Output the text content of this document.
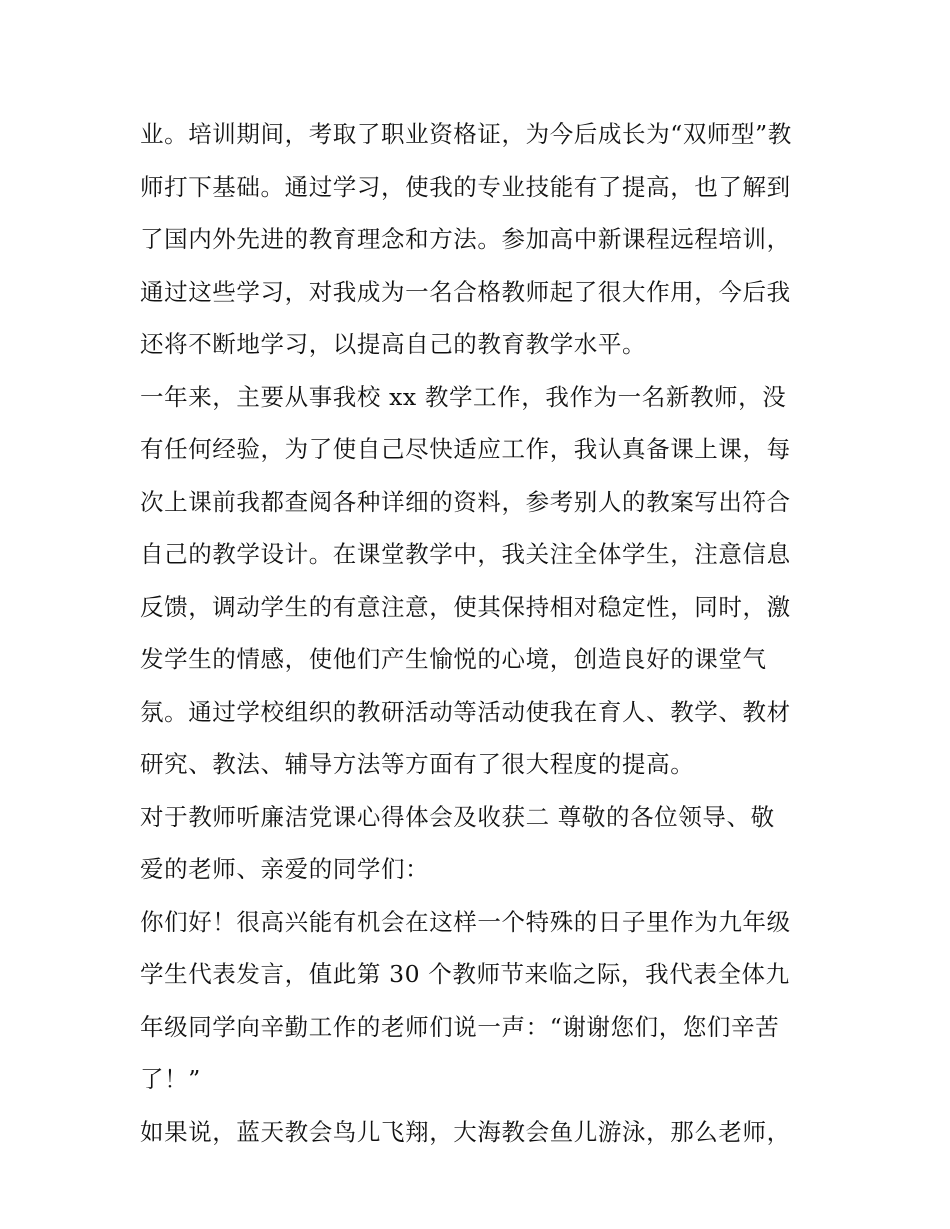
业。培训期间，考取了职业资格证，为今后成长为“双师型”教
师打下基础。通过学习，使我的专业技能有了提高，也了解到
了国内外先进的教育理念和方法。参加高中新课程远程培训，
通过这些学习，对我成为一名合格教师起了很大作用，今后我
还将不断地学习，以提高自己的教育教学水平。
一年来，主要从事我校 xx 教学工作，我作为一名新教师，没
有任何经验，为了使自己尽快适应工作，我认真备课上课，每
次上课前我都查阅各种详细的资料，参考别人的教案写出符合
自己的教学设计。在课堂教学中，我关注全体学生，注意信息
反馈，调动学生的有意注意，使其保持相对稳定性，同时，激
发学生的情感，使他们产生愉悦的心境，创造良好的课堂气
氛。通过学校组织的教研活动等活动使我在育人、教学、教材
研究、教法、辅导方法等方面有了很大程度的提高。
对于教师听廉洁党课心得体会及收获二 尊敬的各位领导、敬
爱的老师、亲爱的同学们：
你们好！很高兴能有机会在这样一个特殊的日子里作为九年级
学生代表发言，值此第 30 个教师节来临之际，我代表全体九
年级同学向辛勤工作的老师们说一声：“谢谢您们，您们辛苦
了！”
如果说，蓝天教会鸟儿飞翔，大海教会鱼儿游泳，那么老师，
